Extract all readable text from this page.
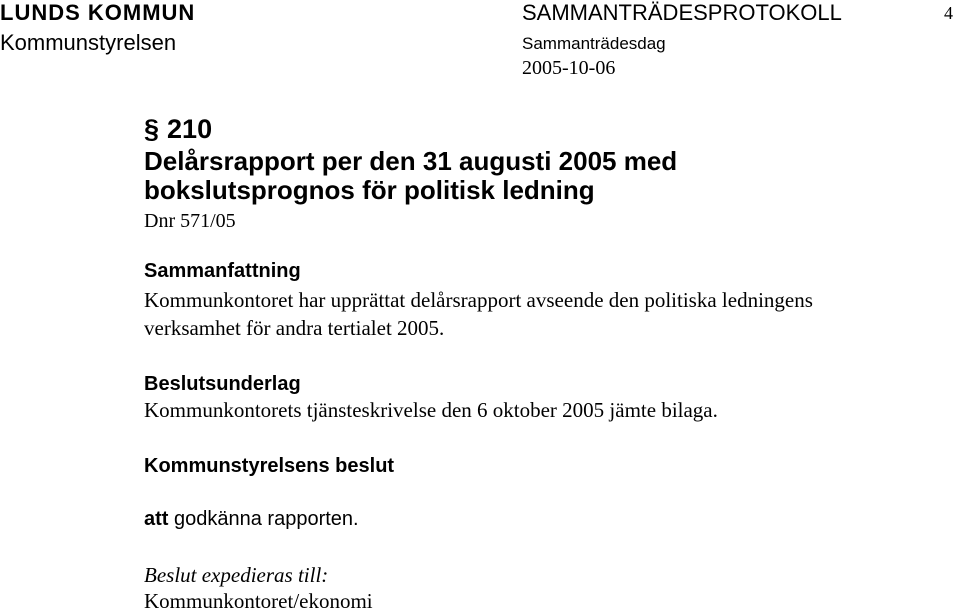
LUNDS KOMMUN
Kommunstyrelsen
SAMMANTRÄDESPROTOKOLL	4
Sammanträdesdag
2005-10-06
§ 210
Delårsrapport per den 31 augusti 2005 med
bokslutsprognos för politisk ledning
Dnr 571/05
Sammanfattning
Kommunkontoret har upprättat delårsrapport avseende den politiska ledningens
verksamhet för andra tertialet 2005.
Beslutsunderlag
Kommunkontorets tjänsteskrivelse den 6 oktober 2005 jämte bilaga.
Kommunstyrelsens beslut
att godkänna rapporten.
Beslut expedieras till:
Kommunkontoret/ekonomi
